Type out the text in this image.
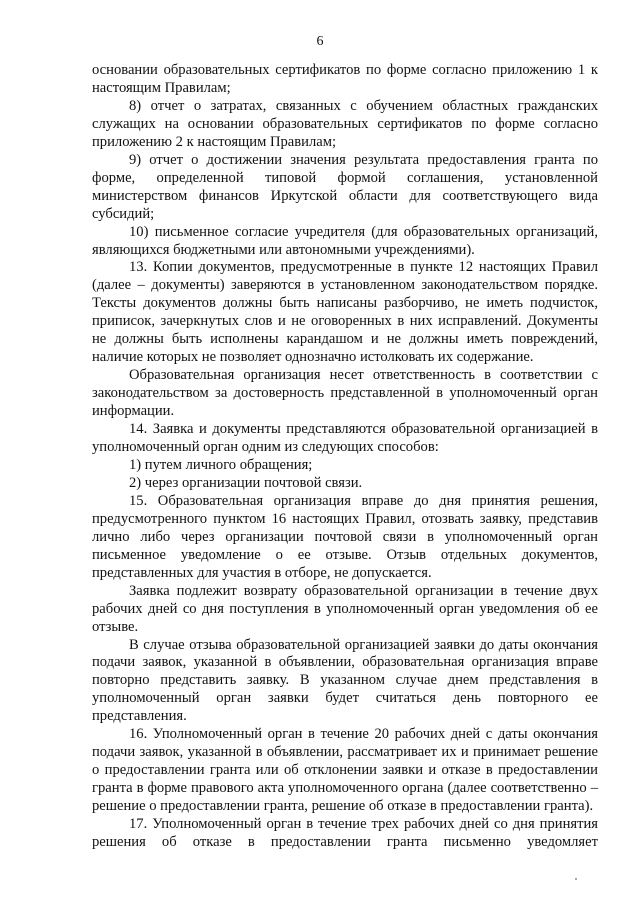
6

основании образовательных сертификатов по форме согласно приложению 1 к настоящим Правилам;

8) отчет о затратах, связанных с обучением областных гражданских служащих на основании образовательных сертификатов по форме согласно приложению 2 к настоящим Правилам;

9) отчет о достижении значения результата предоставления гранта по форме, определенной типовой формой соглашения, установленной министерством финансов Иркутской области для соответствующего вида субсидий;

10) письменное согласие учредителя (для образовательных организаций, являющихся бюджетными или автономными учреждениями).

13. Копии документов, предусмотренные в пункте 12 настоящих Правил (далее – документы) заверяются в установленном законодательством порядке. Тексты документов должны быть написаны разборчиво, не иметь подчисток, приписок, зачеркнутых слов и не оговоренных в них исправлений. Документы не должны быть исполнены карандашом и не должны иметь повреждений, наличие которых не позволяет однозначно истолковать их содержание.

Образовательная организация несет ответственность в соответствии с законодательством за достоверность представленной в уполномоченный орган информации.

14. Заявка и документы представляются образовательной организацией в уполномоченный орган одним из следующих способов:

1) путем личного обращения;

2) через организации почтовой связи.

15. Образовательная организация вправе до дня принятия решения, предусмотренного пунктом 16 настоящих Правил, отозвать заявку, представив лично либо через организации почтовой связи в уполномоченный орган письменное уведомление о ее отзыве. Отзыв отдельных документов, представленных для участия в отборе, не допускается.

Заявка подлежит возврату образовательной организации в течение двух рабочих дней со дня поступления в уполномоченный орган уведомления об ее отзыве.

В случае отзыва образовательной организацией заявки до даты окончания подачи заявок, указанной в объявлении, образовательная организация вправе повторно представить заявку. В указанном случае днем представления в уполномоченный орган заявки будет считаться день повторного ее представления.

16. Уполномоченный орган в течение 20 рабочих дней с даты окончания подачи заявок, указанной в объявлении, рассматривает их и принимает решение о предоставлении гранта или об отклонении заявки и отказе в предоставлении гранта в форме правового акта уполномоченного органа (далее соответственно – решение о предоставлении гранта, решение об отказе в предоставлении гранта).

17. Уполномоченный орган в течение трех рабочих дней со дня принятия решения об отказе в предоставлении гранта письменно уведомляет
